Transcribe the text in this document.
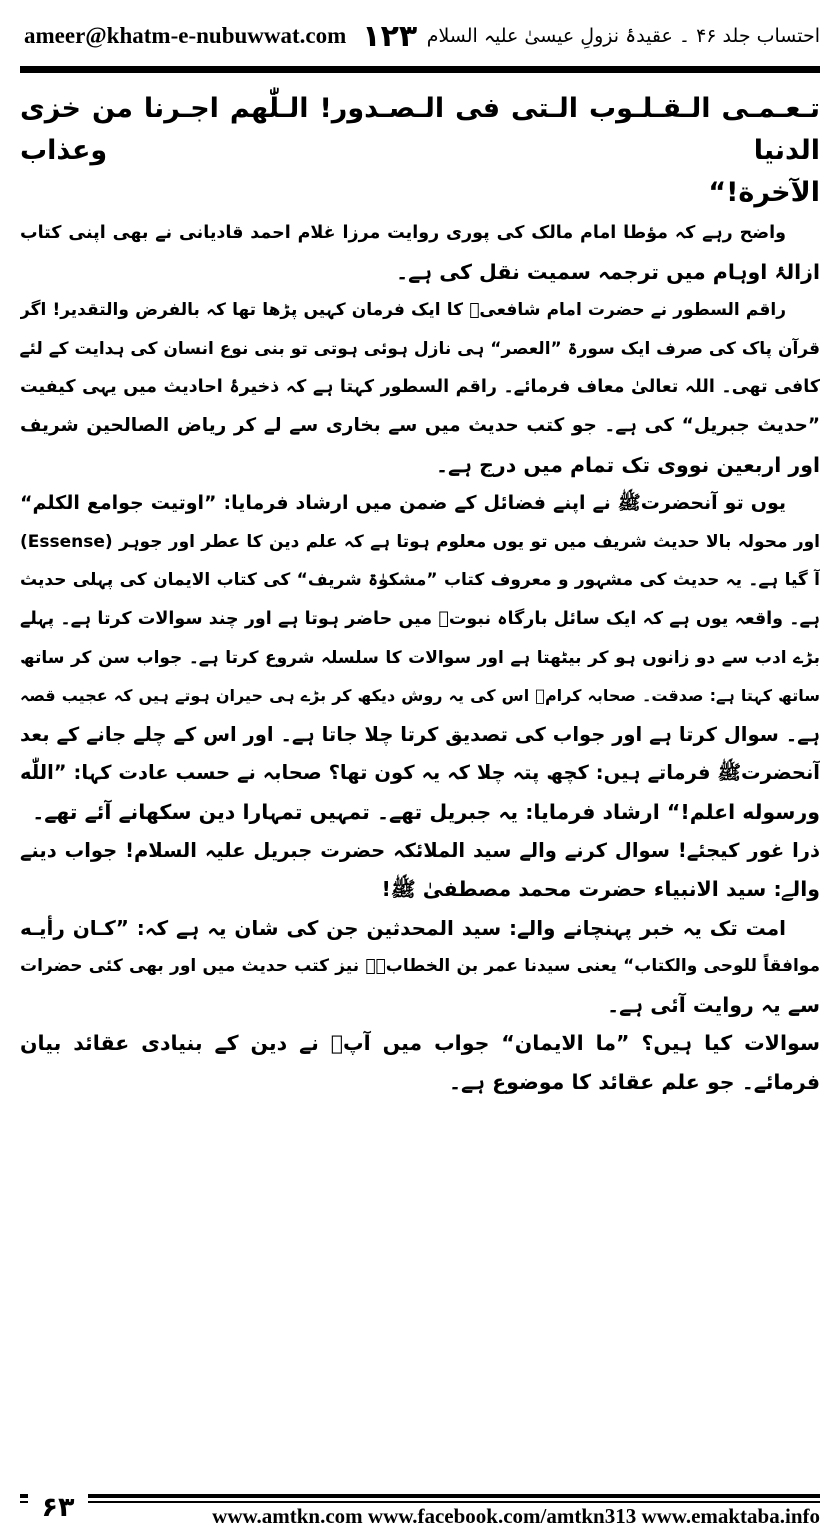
ameer@khatm-e-nubuwwat.com ۱۲۳ احتساب جلد ۴۶ ۔ عقیدۂ نزولِ عیسیٰ علیہ السلام
تـعـمـى الـقـلـوب الـتى فى الـصـدور! الـلّٰهم اجـرنا من خزى الدنيا وعذاب
الآخرة!“
واضح رہے کہ مؤطا امام مالک کی پوری روایت مرزا غلام احمد قادیانی نے بھی اپنی کتاب
ازالۂ اوہام میں ترجمہ سمیت نقل کی ہے۔
راقم السطور نے حضرت امام شافعیؒ کا ایک فرمان کہیں پڑھا تھا کہ بالفرض والتقدیر! اگر
قرآن پاک کی صرف ایک سورۃ ”العصر“ ہی نازل ہوئی ہوتی تو بنی نوع انسان کی ہدایت کے لئے
کافی تھی۔ اللہ تعالیٰ معاف فرمائے۔ راقم السطور کہتا ہے کہ ذخیرۂ احادیث میں یہی کیفیت
”حدیث جبریل“ کی ہے۔ جو کتب حدیث میں سے بخاری سے لے کر ریاض الصالحین شریف
اور اربعین نووی تک تمام میں درج ہے۔
یوں تو آنحضرتﷺ نے اپنے فضائل کے ضمن میں ارشاد فرمایا: ”اوتیت جوامع الکلم“
اور محولہ بالا حدیث شریف میں تو یوں معلوم ہوتا ہے کہ علم دین کا عطر اور جوہر (Essense)
آ گیا ہے۔ یہ حدیث کی مشہور و معروف کتاب ”مشکوٰۃ شریف“ کی کتاب الایمان کی پہلی حدیث
ہے۔ واقعہ یوں ہے کہ ایک سائل بارگاہ نبوتؐ میں حاضر ہوتا ہے اور چند سوالات کرتا ہے۔ پہلے
بڑے ادب سے دو زانوں ہو کر بیٹھتا ہے اور سوالات کا سلسلہ شروع کرتا ہے۔ جواب سن کر ساتھ
ساتھ کہتا ہے: صدقت۔ صحابہ کرامؓ اس کی یہ روش دیکھ کر بڑے ہی حیران ہوتے ہیں کہ عجیب قصہ
ہے۔ سوال کرتا ہے اور جواب کی تصدیق کرتا چلا جاتا ہے۔ اور اس کے چلے جانے کے بعد
آنحضرتﷺ فرماتے ہیں: کچھ پتہ چلا کہ یہ کون تھا؟ صحابہ نے حسب عادت کہا: ”اللّٰه
ورسوله اعلم!“ ارشاد فرمایا: یہ جبریل تھے۔ تمہیں تمہارا دین سکھانے آئے تھے۔
ذرا غور کیجئے! سوال کرنے والے سید الملائکہ حضرت جبریل علیہ السلام! جواب دینے
والے: سید الانبیاء حضرت محمد مصطفیٰ ﷺ!
امت تک یہ خبر پہنچانے والے: سید المحدثین جن کی شان یہ ہے کہ: ”کـان رأیـه
موافقاً للوحی والکتاب“ یعنی سیدنا عمر بن الخطابؓ۔ نیز کتب حدیث میں اور بھی کئی حضرات
سے یہ روایت آئی ہے۔
سوالات کیا ہیں؟ ”ما الایمان“ جواب میں آپؐ نے دین کے بنیادی عقائد بیان
فرمائے۔ جو علم عقائد کا موضوع ہے۔
۶۳	www.amtkn.com www.facebook.com/amtkn313 www.emaktaba.info
